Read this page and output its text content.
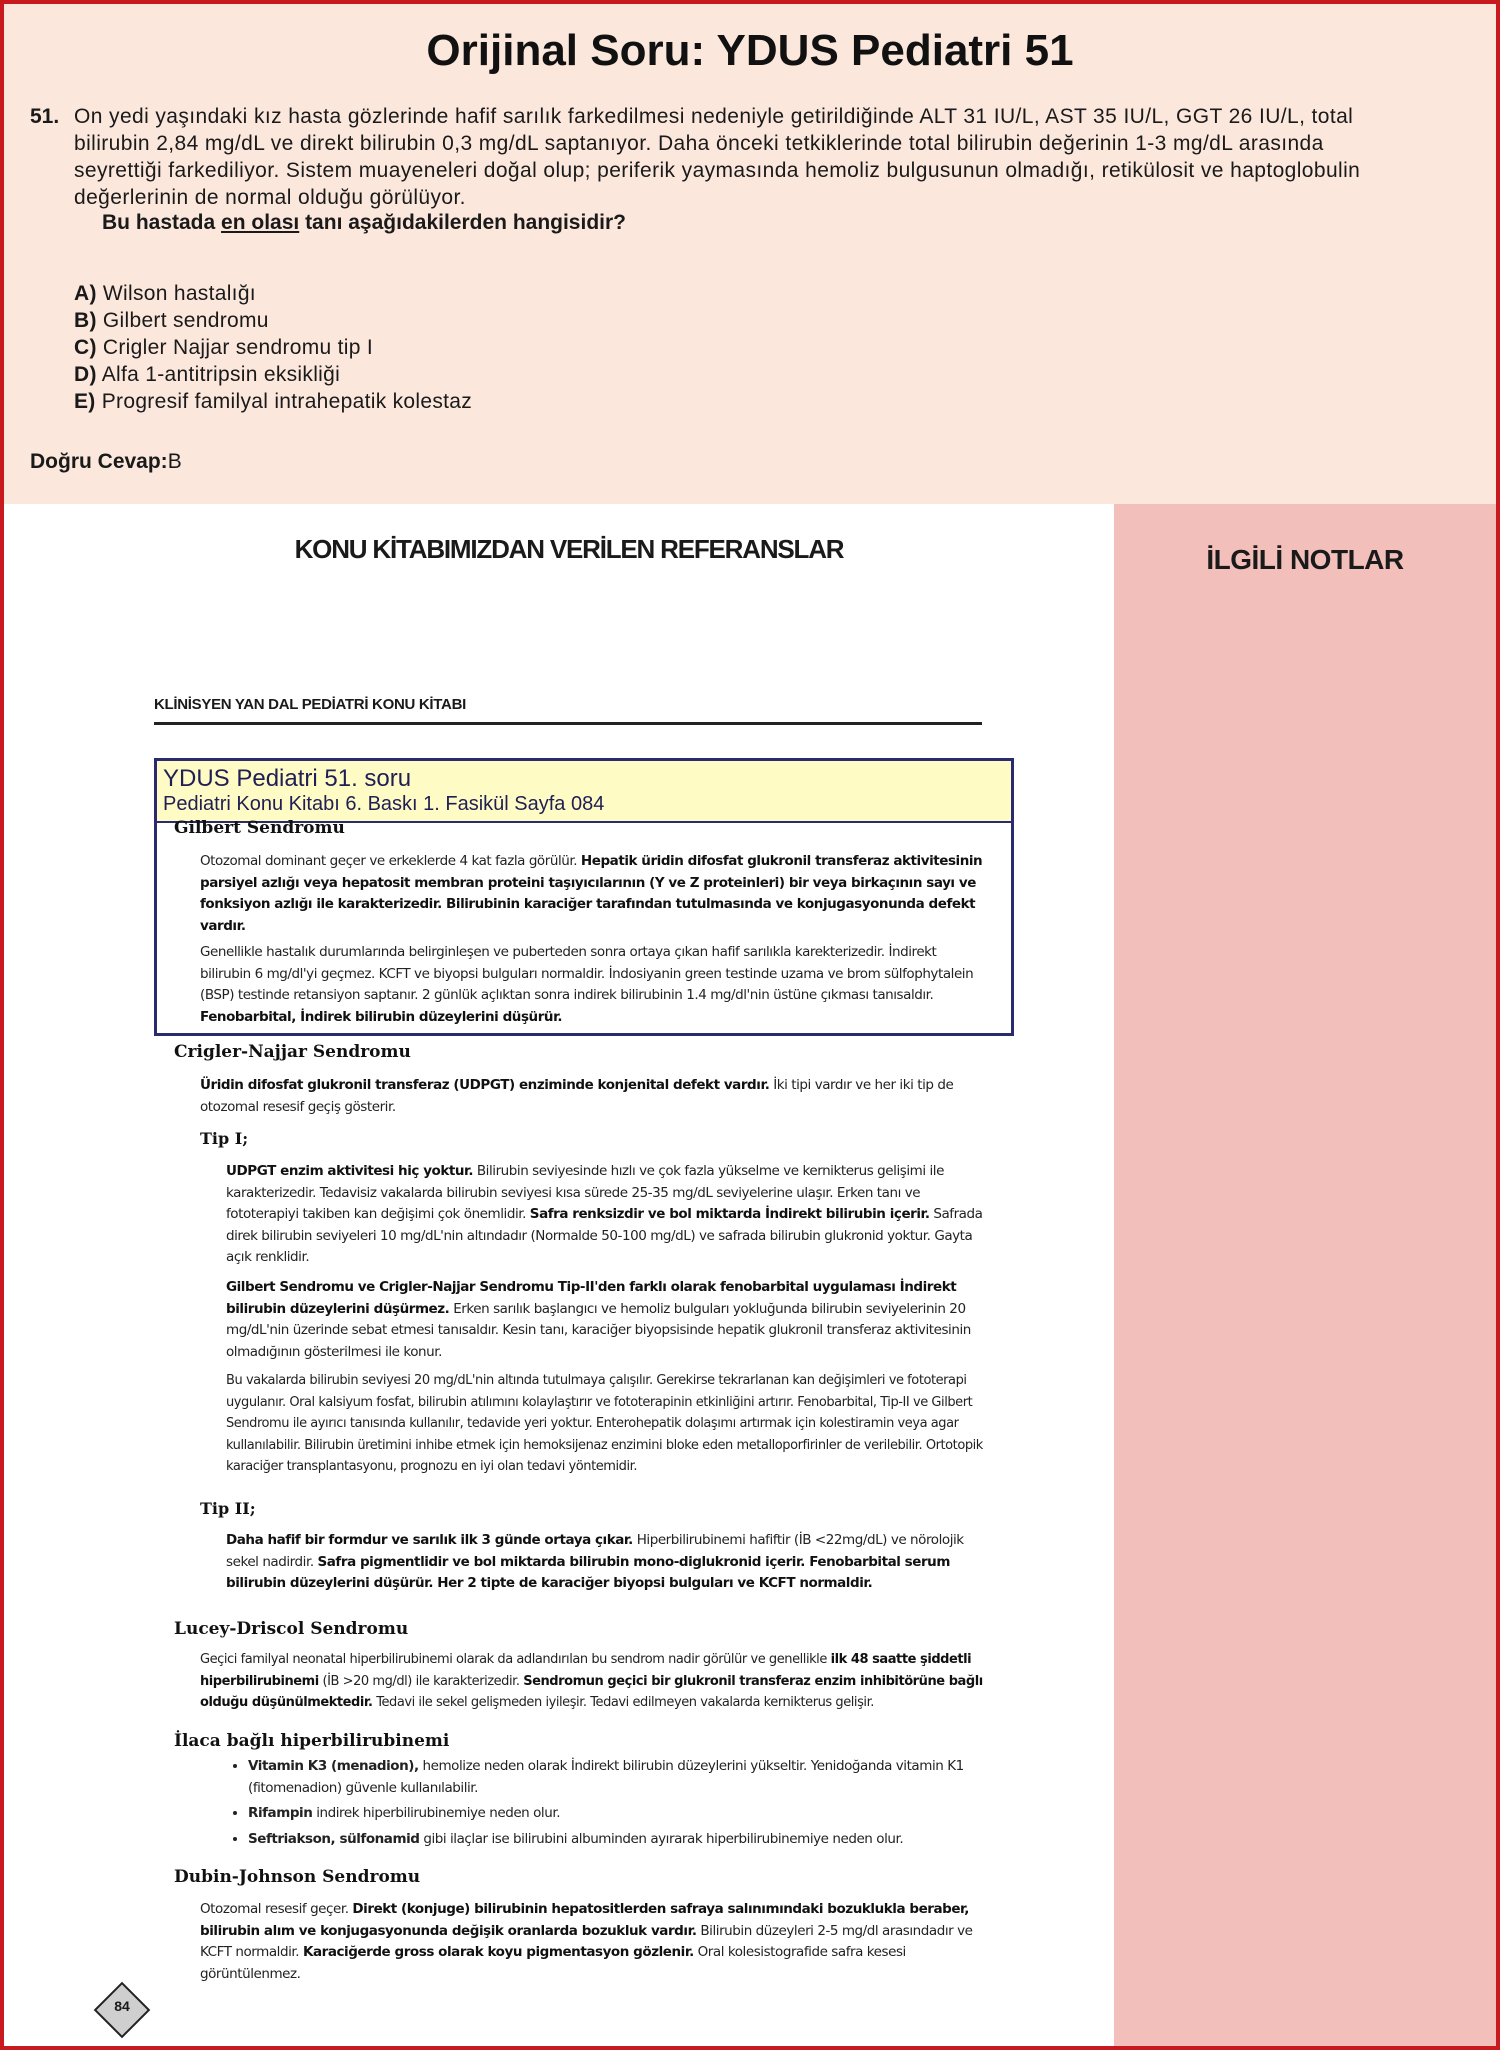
Orijinal Soru: YDUS Pediatri 51
51. On yedi yaşındaki kız hasta gözlerinde hafif sarılık farkedilmesi nedeniyle getirildiğinde ALT 31 IU/L, AST 35 IU/L, GGT 26 IU/L, total bilirubin 2,84 mg/dL ve direkt bilirubin 0,3 mg/dL saptanıyor. Daha önceki tetkiklerinde total bilirubin değerinin 1-3 mg/dL arasında seyrettiği farkediliyor. Sistem muayeneleri doğal olup; periferik yaymasında hemoliz bulgusunun olmadığı, retikülosit ve haptoglobulin değerlerinin de normal olduğu görülüyor.
Bu hastada en olası tanı aşağıdakilerden hangisidir?
A) Wilson hastalığı
B) Gilbert sendromu
C) Crigler Najjar sendromu tip I
D) Alfa 1-antitripsin eksikliği
E) Progresif familyal intrahepatik kolestaz
Doğru Cevap:B
İLGİLİ NOTLAR
KONU KİTABIMIZDAN VERİLEN REFERANSLAR
KLİNİSYEN YAN DAL PEDİATRİ KONU KİTABI
YDUS Pediatri 51. soru
Pediatri Konu Kitabı 6. Baskı 1. Fasikül Sayfa 084
Gilbert Sendromu
Otozomal dominant geçer ve erkeklerde 4 kat fazla görülür. Hepatik üridin difosfat glukronil transferaz aktivitesinin parsiyel azlığı veya hepatosit membran proteini taşıyıcılarının (Y ve Z proteinleri) bir veya birkaçının sayı ve fonksiyon azlığı ile karakterizedir. Bilirubinin karaciğer tarafından tutulmasında ve konjugasyonunda defekt vardır.
Genellikle hastalık durumlarında belirginleşen ve puberteden sonra ortaya çıkan hafif sarılıkla karekterizedir. İndirekt bilirubin 6 mg/dl'yi geçmez. KCFT ve biyopsi bulguları normaldir. İndosiyanin green testinde uzama ve brom sülfophytalein (BSP) testinde retansiyon saptanır. 2 günlük açlıktan sonra indirek bilirubinin 1.4 mg/dl'nin üstüne çıkması tanısaldır. Fenobarbital, İndirek bilirubin düzeylerini düşürür.
Crigler-Najjar Sendromu
Üridin difosfat glukronil transferaz (UDPGT) enziminde konjenital defekt vardır. İki tipi vardır ve her iki tip de otozomal resesif geçiş gösterir.
Tip I;
UDPGT enzim aktivitesi hiç yoktur. Bilirubin seviyesinde hızlı ve çok fazla yükselme ve kernikterus gelişimi ile karakterizedir. Tedavisiz vakalarda bilirubin seviyesi kısa sürede 25-35 mg/dL seviyelerine ulaşır. Erken tanı ve fototerapiyi takiben kan değişimi çok önemlidir. Safra renksizdir ve bol miktarda İndirekt bilirubin içerir. Safrada direk bilirubin seviyeleri 10 mg/dL'nin altındadır (Normalde 50-100 mg/dL) ve safrada bilirubin glukronid yoktur. Gayta açık renklidir.
Gilbert Sendromu ve Crigler-Najjar Sendromu Tip-II'den farklı olarak fenobarbital uygulaması İndirekt bilirubin düzeylerini düşürmez. Erken sarılık başlangıcı ve hemoliz bulguları yokluğunda bilirubin seviyelerinin 20 mg/dL'nin üzerinde sebat etmesi tanısaldır. Kesin tanı, karaciğer biyopsisinde hepatik glukronil transferaz aktivitesinin olmadığının gösterilmesi ile konur.
Bu vakalarda bilirubin seviyesi 20 mg/dL'nin altında tutulmaya çalışılır. Gerekirse tekrarlanan kan değişimleri ve fototerapi uygulanır. Oral kalsiyum fosfat, bilirubin atılımını kolaylaştırır ve fototerapinin etkinliğini artırır. Fenobarbital, Tip-II ve Gilbert Sendromu ile ayırıcı tanısında kullanılır, tedavide yeri yoktur. Enterohepatik dolaşımı artırmak için kolestiramin veya agar kullanılabilir. Bilirubin üretimini inhibe etmek için hemoksijenaz enzimini bloke eden metalloporfirinler de verilebilir. Ortotopik karaciğer transplantasyonu, prognozu en iyi olan tedavi yöntemidir.
Tip II;
Daha hafif bir formdur ve sarılık ilk 3 günde ortaya çıkar. Hiperbilirubinemi hafiftir (İB <22mg/dL) ve nörolojik sekel nadirdir. Safra pigmentlidir ve bol miktarda bilirubin mono-diglukronid içerir. Fenobarbital serum bilirubin düzeylerini düşürür. Her 2 tipte de karaciğer biyopsi bulguları ve KCFT normaldir.
Lucey-Driscol Sendromu
Geçici familyal neonatal hiperbilirubinemi olarak da adlandırılan bu sendrom nadir görülür ve genellikle ilk 48 saatte şiddetli hiperbilirubinemi (İB >20 mg/dl) ile karakterizedir. Sendromun geçici bir glukronil transferaz enzim inhibitörüne bağlı olduğu düşünülmektedir. Tedavi ile sekel gelişmeden iyileşir. Tedavi edilmeyen vakalarda kernikterus gelişir.
İlaca bağlı hiperbilirubinemi
• Vitamin K3 (menadion), hemolize neden olarak İndirekt bilirubin düzeylerini yükseltir. Yenidoğanda vitamin K1 (fitomenadion) güvenle kullanılabilir.
• Rifampin indirek hiperbilirubinemiye neden olur.
• Seftriakson, sülfonamid gibi ilaçlar ise bilirubini albuminden ayırarak hiperbilirubinemiye neden olur.
Dubin-Johnson Sendromu
Otozomal resesif geçer. Direkt (konjuge) bilirubinin hepatositlerden safraya salınımındaki bozuklukla beraber, bilirubin alım ve konjugasyonunda değişik oranlarda bozukluk vardır. Bilirubin düzeyleri 2-5 mg/dl arasındadır ve KCFT normaldir. Karaciğerde gross olarak koyu pigmentasyon gözlenir. Oral kolesistografide safra kesesi görüntülenmez.
84
